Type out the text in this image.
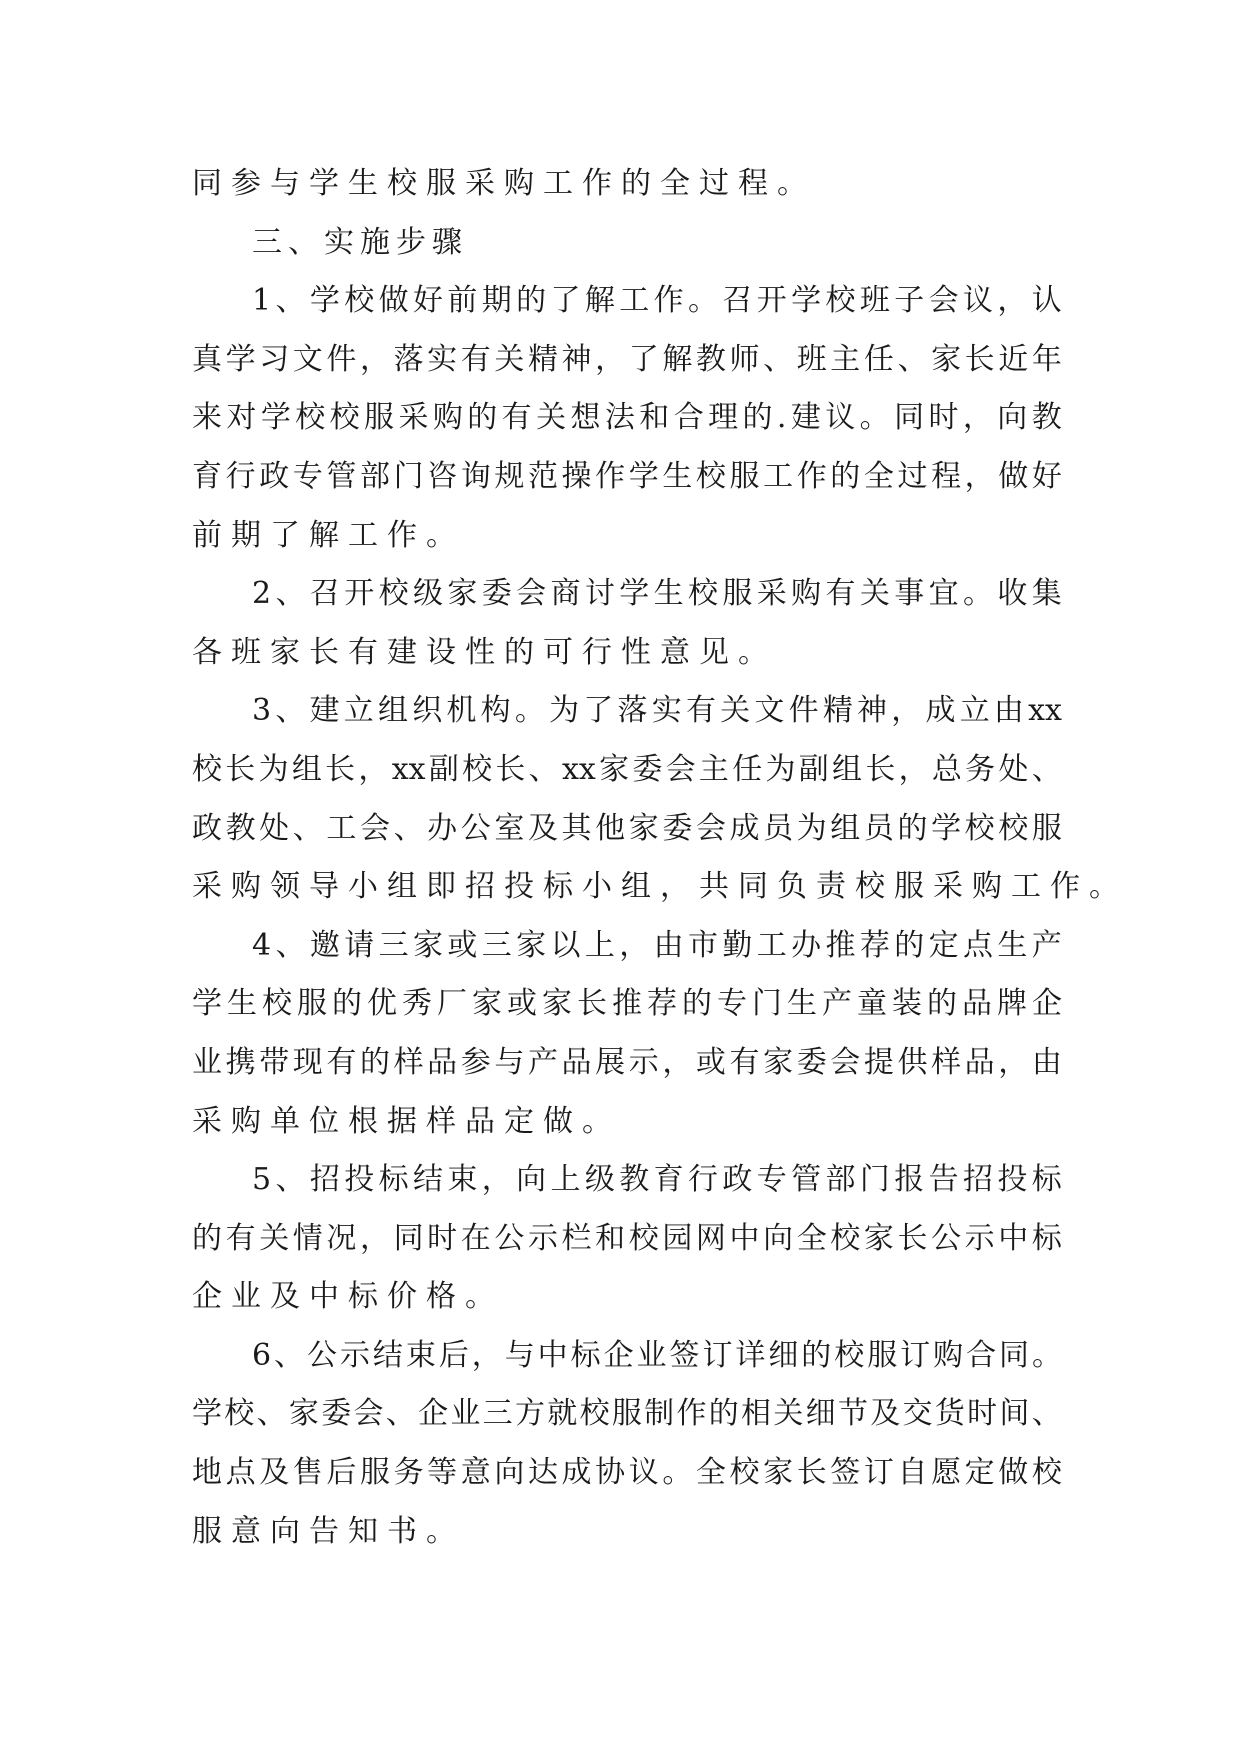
同参与学生校服采购工作的全过程。
三、实施步骤
1 、 学 校 做 好 前 期 的 了 解 工 作 。 召 开 学 校 班 子 会 议 ， 认
真 学 习 文 件 ， 落 实 有 关 精 神 ， 了 解 教 师 、 班 主 任 、 家 长 近 年
来 对 学 校 校 服 采 购 的 有 关 想 法 和 合 理 的 . 建 议 。 同 时 ， 向 教
育 行 政 专 管 部 门 咨 询 规 范 操 作 学 生 校 服 工 作 的 全 过 程 ， 做 好
前期了解工作。
2 、 召 开 校 级 家 委 会 商 讨 学 生 校 服 采 购 有 关 事 宜 。 收 集
各班家长有建设性的可行性意见。
3 、 建 立 组 织 机 构 。 为 了 落 实 有 关 文 件 精 神 ， 成 立 由 xx
校 长 为 组 长 ， xx 副 校 长 、 xx 家 委 会 主 任 为 副 组 长 ， 总 务 处 、
政 教 处 、 工 会 、 办 公 室 及 其 他 家 委 会 成 员 为 组 员 的 学 校 校 服
采购领导小组即招投标小组，共同负责校服采购工作。
4 、 邀 请 三 家 或 三 家 以 上 ， 由 市 勤 工 办 推 荐 的 定 点 生 产
学 生 校 服 的 优 秀 厂 家 或 家 长 推 荐 的 专 门 生 产 童 装 的 品 牌 企
业 携 带 现 有 的 样 品 参 与 产 品 展 示 ， 或 有 家 委 会 提 供 样 品 ， 由
采购单位根据样品定做。
5 、 招 投 标 结 束 ， 向 上 级 教 育 行 政 专 管 部 门 报 告 招 投 标
的 有 关 情 况 ， 同 时 在 公 示 栏 和 校 园 网 中 向 全 校 家 长 公 示 中 标
企业及中标价格。
6 、 公 示 结 束 后 ， 与 中 标 企 业 签 订 详 细 的 校 服 订 购 合 同 。
学 校 、 家 委 会 、 企 业 三 方 就 校 服 制 作 的 相 关 细 节 及 交 货 时 间 、
地 点 及 售 后 服 务 等 意 向 达 成 协 议 。 全 校 家 长 签 订 自 愿 定 做 校
服意向告知书。
